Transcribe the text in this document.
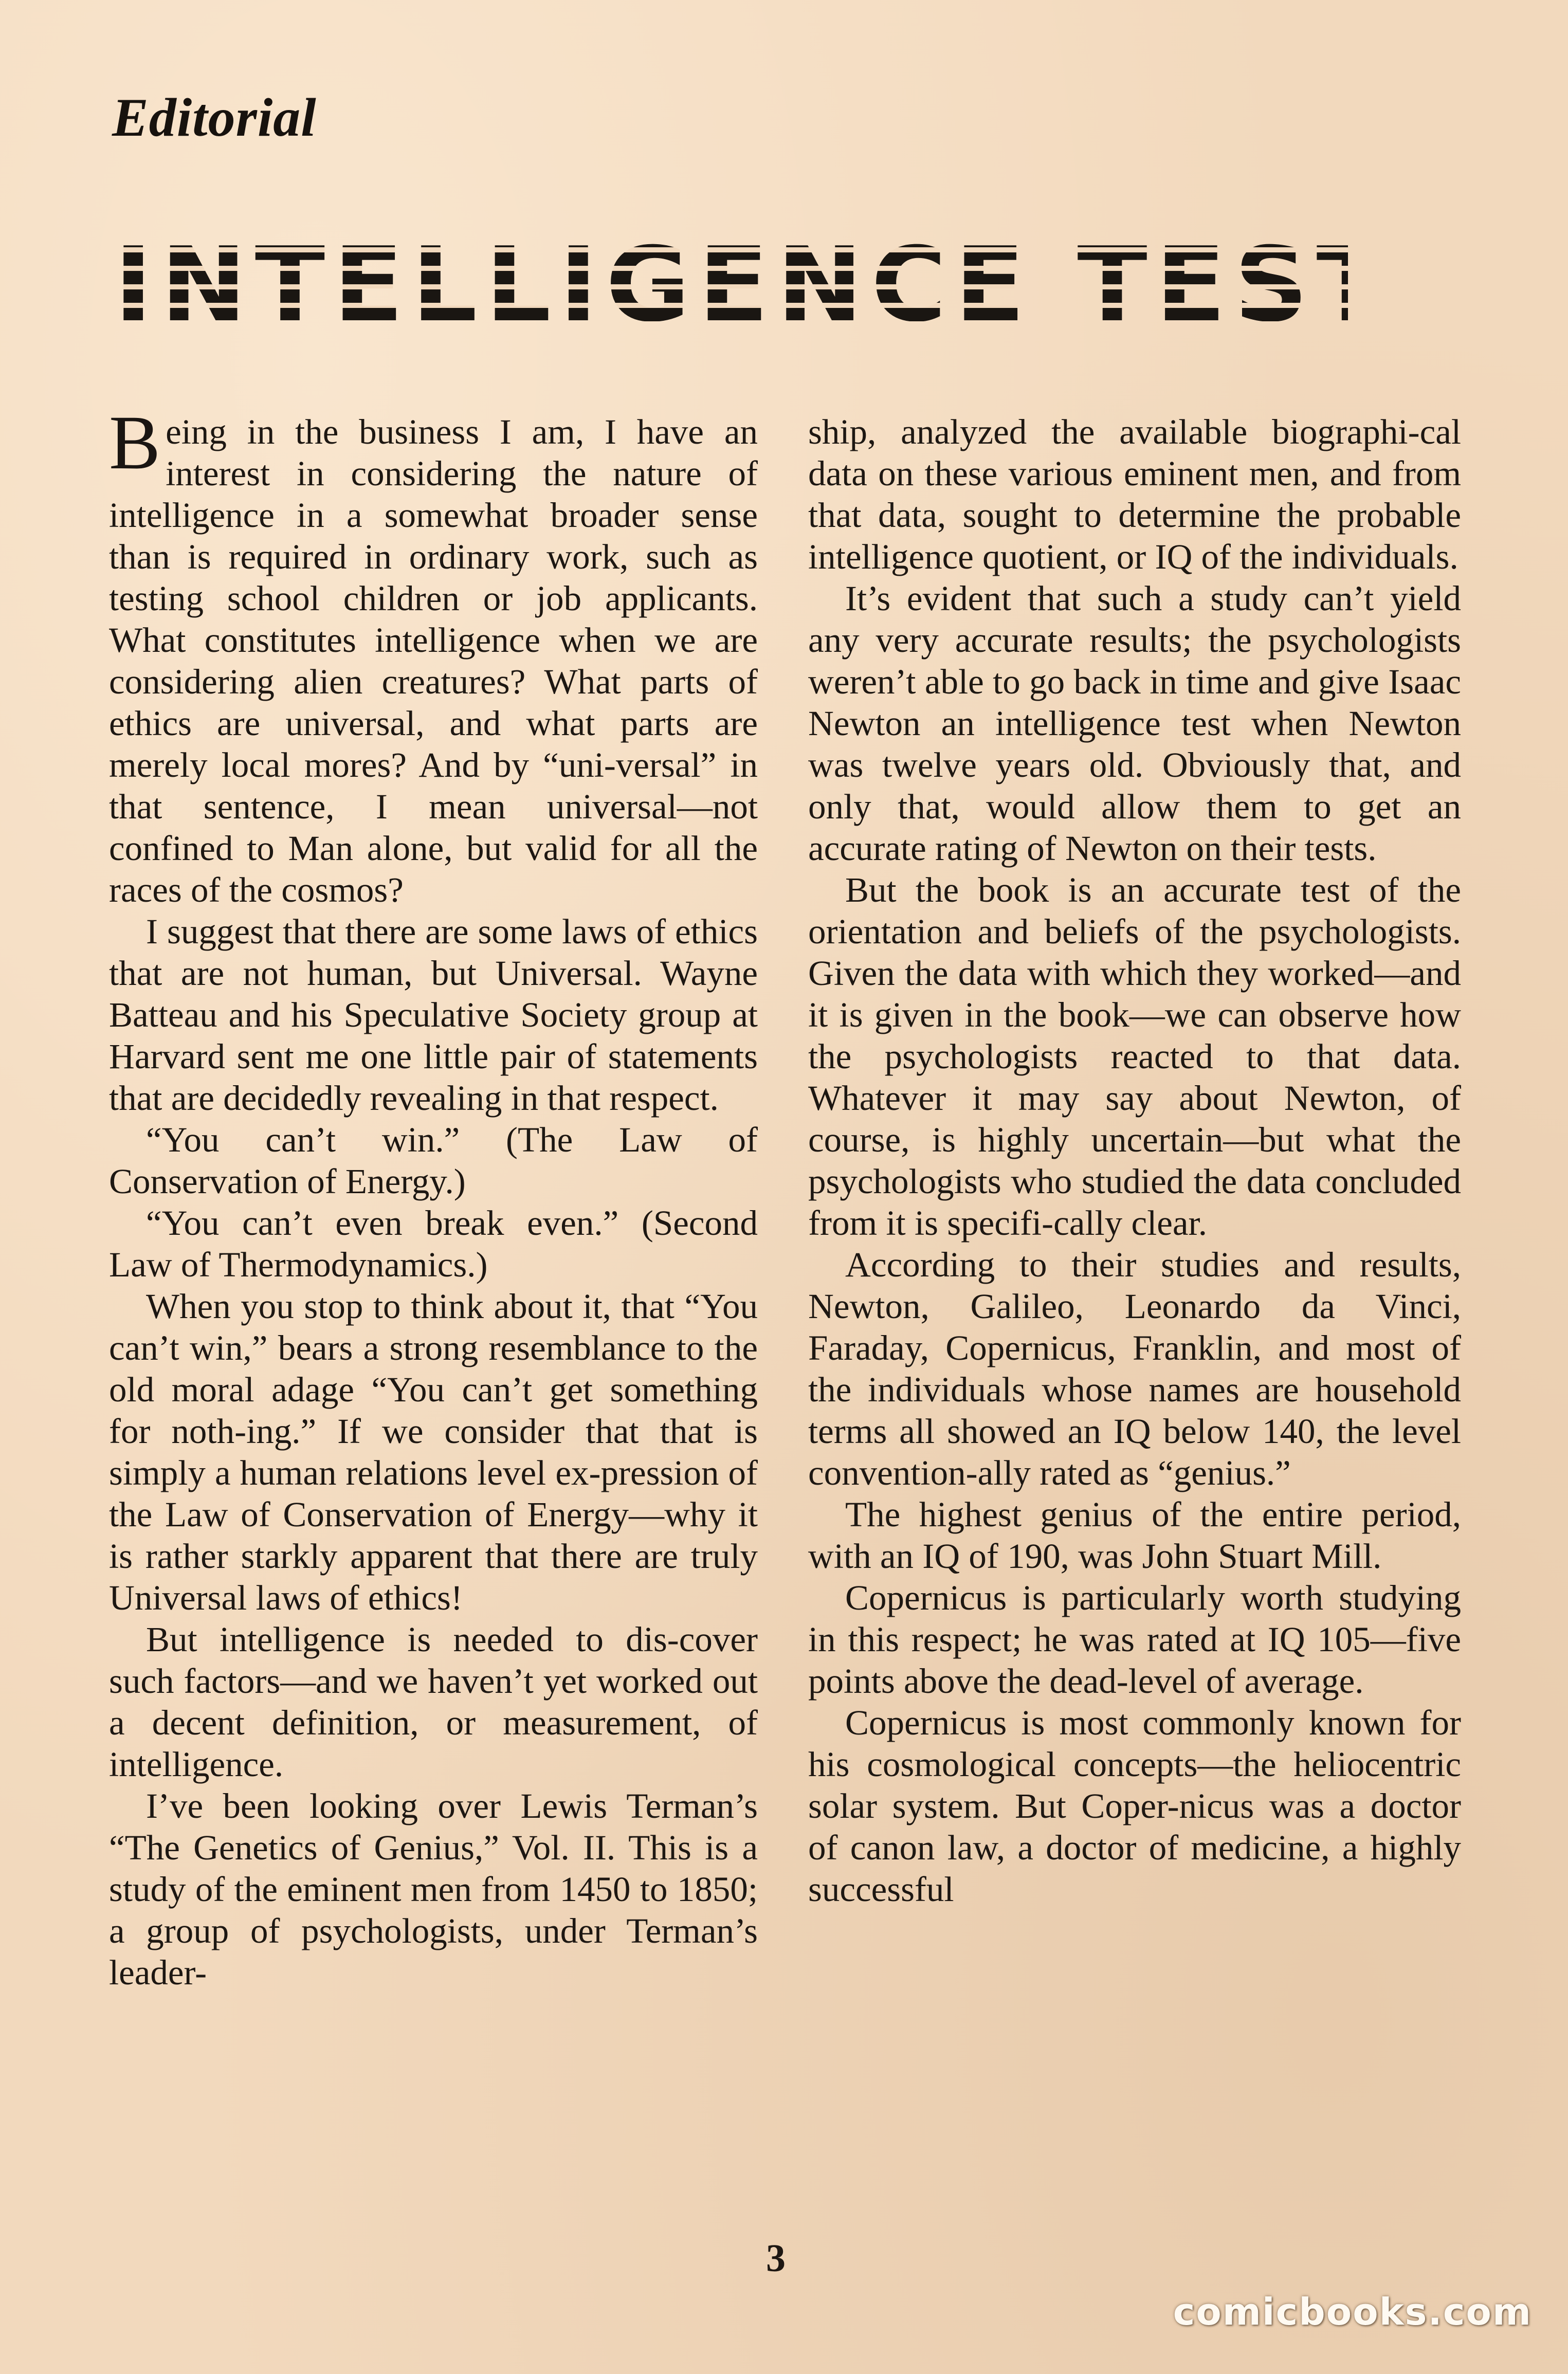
Editorial
INTELLIGENCE TEST

Being in the business I am, I have an interest in considering the nature of intelligence in a somewhat broader sense than is required in ordinary work, such as testing school children or job applicants. What constitutes intelligence when we are considering alien creatures? What parts of ethics are universal, and what parts are merely local mores? And by “uni-versal” in that sentence, I mean universal—not confined to Man alone, but valid for all the races of the cosmos?

I suggest that there are some laws of ethics that are not human, but Universal. Wayne Batteau and his Speculative Society group at Harvard sent me one little pair of statements that are decidedly revealing in that respect.

“You can’t win.” (The Law of Conservation of Energy.)

“You can’t even break even.” (Second Law of Thermodynamics.)

When you stop to think about it, that “You can’t win,” bears a strong resemblance to the old moral adage “You can’t get something for noth-ing.” If we consider that that is simply a human relations level ex-pression of the Law of Conservation of Energy—why it is rather starkly apparent that there are truly Universal laws of ethics!

But intelligence is needed to dis-cover such factors—and we haven’t yet worked out a decent definition, or measurement, of intelligence.

I’ve been looking over Lewis Terman’s “The Genetics of Genius,” Vol. II. This is a study of the eminent men from 1450 to 1850; a group of psychologists, under Terman’s leader-

ship, analyzed the available biographi-cal data on these various eminent men, and from that data, sought to determine the probable intelligence quotient, or IQ of the individuals.

It’s evident that such a study can’t yield any very accurate results; the psychologists weren’t able to go back in time and give Isaac Newton an intelligence test when Newton was twelve years old. Obviously that, and only that, would allow them to get an accurate rating of Newton on their tests.

But the book is an accurate test of the orientation and beliefs of the psychologists. Given the data with which they worked—and it is given in the book—we can observe how the psychologists reacted to that data. Whatever it may say about Newton, of course, is highly uncertain—but what the psychologists who studied the data concluded from it is specifi-cally clear.

According to their studies and results, Newton, Galileo, Leonardo da Vinci, Faraday, Copernicus, Franklin, and most of the individuals whose names are household terms all showed an IQ below 140, the level convention-ally rated as “genius.”

The highest genius of the entire period, with an IQ of 190, was John Stuart Mill.

Copernicus is particularly worth studying in this respect; he was rated at IQ 105—five points above the dead-level of average.

Copernicus is most commonly known for his cosmological concepts—the heliocentric solar system. But Coper-nicus was a doctor of canon law, a doctor of medicine, a highly successful

3
comicbooks.com
